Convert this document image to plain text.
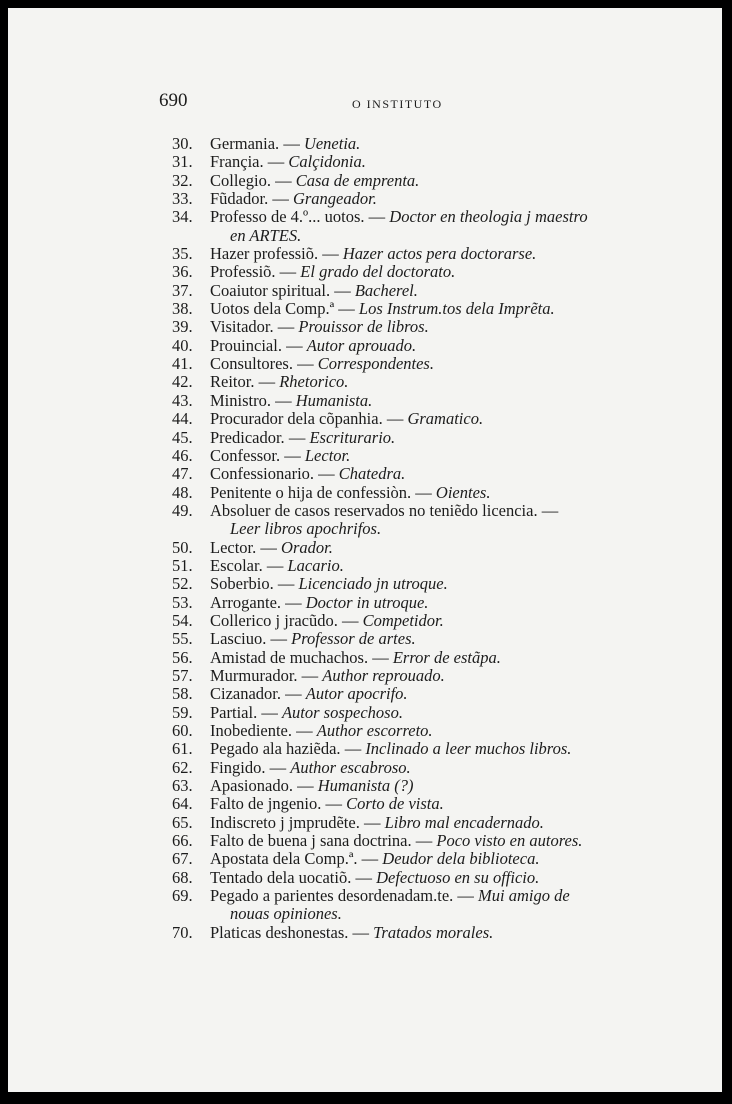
690	O INSTITUTO
30.	Germania. — Uenetia.
31.	Françia. — Calçidonia.
32.	Collegio. — Casa de emprenta.
33.	Fũdador. — Grangeador.
34.	Professo de 4.º... uotos. — Doctor en theologia j maestro
en ARTES.
35.	Hazer professiõ. — Hazer actos pera doctorarse.
36.	Professiõ. — El grado del doctorato.
37.	Coaiutor spiritual. — Bacherel.
38.	Uotos dela Comp.ª — Los Instrum.tos dela Imprẽta.
39.	Visitador. — Prouissor de libros.
40.	Prouincial. — Autor aprouado.
41.	Consultores. — Correspondentes.
42.	Reitor. — Rhetorico.
43.	Ministro. — Humanista.
44.	Procurador dela cõpanhia. — Gramatico.
45.	Predicador. — Escriturario.
46.	Confessor. — Lector.
47.	Confessionario. — Chatedra.
48.	Penitente o hija de confessiòn. — Oientes.
49.	Absoluer de casos reservados no teniẽdo licencia. —
Leer libros apochrifos.
50.	Lector. — Orador.
51.	Escolar. — Lacario.
52.	Soberbio. — Licenciado jn utroque.
53.	Arrogante. — Doctor in utroque.
54.	Collerico j jracũdo. — Competidor.
55.	Lasciuo. — Professor de artes.
56.	Amistad de muchachos. — Error de estãpa.
57.	Murmurador. — Author reprouado.
58.	Cizanador. — Autor apocrifo.
59.	Partial. — Autor sospechoso.
60.	Inobediente. — Author escorreto.
61.	Pegado ala haziẽda. — Inclinado a leer muchos libros.
62.	Fingido. — Author escabroso.
63.	Apasionado. — Humanista (?)
64.	Falto de jngenio. — Corto de vista.
65.	Indiscreto j jmprudẽte. — Libro mal encadernado.
66.	Falto de buena j sana doctrina. — Poco visto en autores.
67.	Apostata dela Comp.ª. — Deudor dela biblioteca.
68.	Tentado dela uocatiõ. — Defectuoso en su officio.
69.	Pegado a parientes desordenadam.te. — Mui amigo de
nouas opiniones.
70.	Platicas deshonestas. — Tratados morales.
